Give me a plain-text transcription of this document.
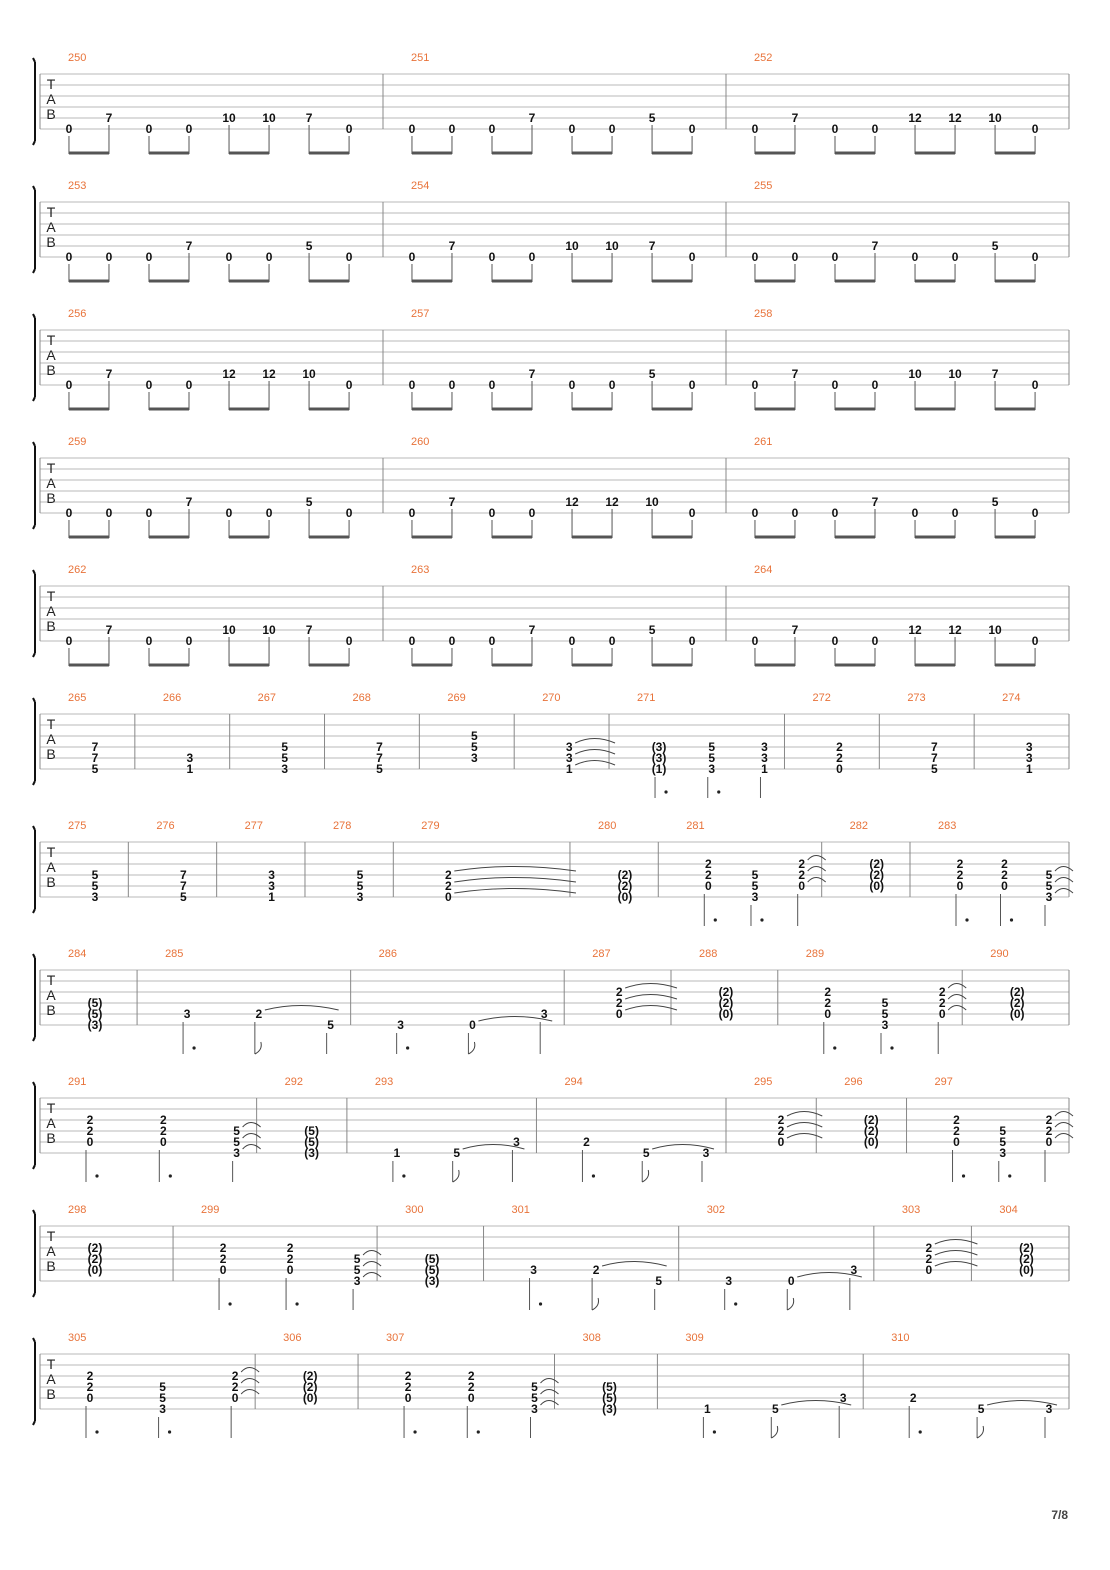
T
A
B
250
0
7
0	0
10 10 7
0
251
0	0	0
7
0	0
5
0
252
0
7
0	0
12 12 10
0
T
A
B
253
0	0	0
7
0	0
5
0
254
0
7
0	0
10 10 7
0
255
0	0	0
7
0	0
5
0
T
A
B
256
0
7
0	0
12 12 10
0
257
0	0	0
7
0	0
5
0
258
0
7
0	0
10 10 7
0
T
A
B
259
0	0	0
7
0	0
5
0
260
0
7
0	0
12 12 10
0
261
0	0	0
7
0	0
5
0
T
A
B
262
0
7
0	0
10 10 7
0
263
0	0	0
7
0	0
5
0
264
0
7
0	0
12 12 10
0
T
A
B
265
7
7
5
266
3
1
267
5
5
3
268
7
7
5
269
5
5
3
270
3
3
1
271
(3)
(3)
(1)
5
5
3
3
3
1
272
2
2
0
273
7
7
5
274
3
3
1
T
A
B
275
5
5
3
276
7
7
5
277
3
3
1
278
5
5
3
279
2
2
0
280
(2)
(2)
(0)
281
2
2
0
5
5
3
2
2
0
282
(2)
(2)
(0)
283
2
2
0
2
2
0
5
5
3
T
A
B
284
(5)
(5)
(3)
285
3	2
5
286
3	0
3
287
2
2
0
288
(2)
(2)
(0)
289
2
2
0
5
5
3
2
2
0
290
(2)
(2)
(0)
T
A
B
291
2
2
0
2
2
0
5
5
3
292
(5)
(5)
(3)
293
1	5
3
294
2
5	3
295
2
2
0
296
(2)
(2)
(0)
297
2
2
0
5
5
3
2
2
0
T
A
B
298
(2)
(2)
(0)
299
2
2
0
2
2
0
5
5
3
300
(5)
(5)
(3)
301
3	2
5
302
3	0
3
303
2
2
0
304
(2)
(2)
(0)
T
A
B
305
2
2
0
5
5
3
2
2
0
306
(2)
(2)
(0)
307
2
2
0
2
2
0
5
5
3
308
(5)
(5)
(3)
309
1	5
3
310
2
5	3
7/8
